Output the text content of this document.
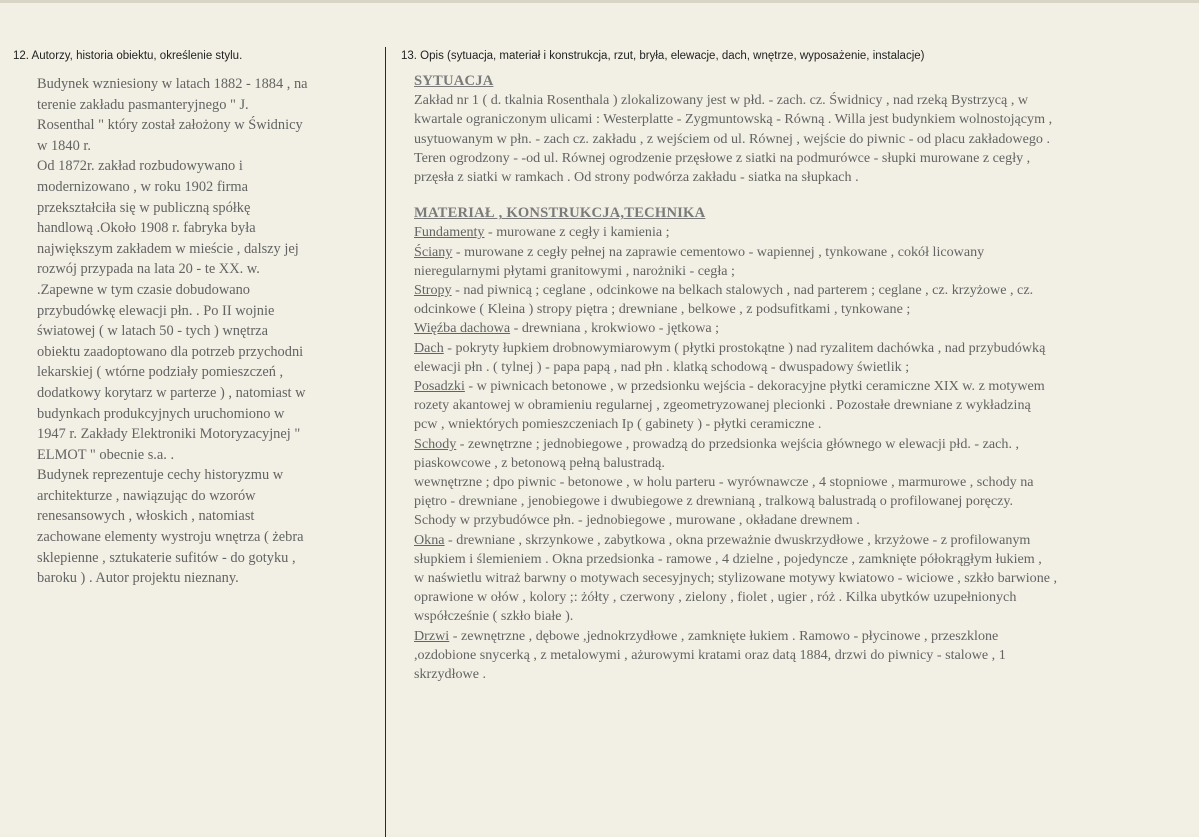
12. Autorzy, historia obiektu, określenie stylu.	13. Opis (sytuacja, materiał i konstrukcja, rzut, bryła, elewacje, dach, wnętrze, wyposażenie, instalacje)
Budynek wzniesiony w latach 1882 - 1884 , na
terenie zakładu pasmanteryjnego " J.
Rosenthal " który został założony w Świdnicy
w 1840 r.
Od 1872r. zakład rozbudowywano i
modernizowano , w roku 1902 firma
przekształciła się w publiczną spółkę
handlową .Około 1908 r. fabryka była
największym zakładem w mieście , dalszy jej
rozwój przypada na lata 20 - te XX. w.
.Zapewne w tym czasie dobudowano
przybudówkę elewacji płn. . Po II wojnie
światowej ( w latach 50 - tych ) wnętrza
obiektu zaadoptowano dla potrzeb przychodni
lekarskiej ( wtórne podziały pomieszczeń ,
dodatkowy korytarz w parterze ) , natomiast w
budynkach produkcyjnych uruchomiono w
1947 r. Zakłady Elektroniki Motoryzacyjnej "
ELMOT " obecnie s.a. .
Budynek reprezentuje cechy historyzmu w
architekturze , nawiązując do wzorów
renesansowych , włoskich , natomiast
zachowane elementy wystroju wnętrza ( żebra
sklepienne , sztukaterie sufitów - do gotyku ,
baroku ) . Autor projektu nieznany.
SYTUACJA
Zakład nr 1 ( d. tkalnia Rosenthala ) zlokalizowany jest w płd. - zach. cz. Świdnicy , nad rzeką Bystrzycą , w
kwartale ograniczonym ulicami : Westerplatte - Zygmuntowską - Równą . Willa jest budynkiem wolnostojącym ,
usytuowanym w płn. - zach cz. zakładu , z wejściem od ul. Równej , wejście do piwnic - od placu zakładowego .
Teren ogrodzony - -od ul. Równej ogrodzenie przęsłowe z siatki na podmurówce - słupki murowane z cegły ,
przęsła z siatki w ramkach . Od strony podwórza zakładu - siatka na słupkach .
MATERIAŁ , KONSTRUKCJA,TECHNIKA
Fundamenty - murowane z cegły i kamienia ;
Ściany - murowane z cegły pełnej na zaprawie cementowo - wapiennej , tynkowane , cokół licowany
nieregularnymi płytami granitowymi , narożniki - cegła ;
Stropy - nad piwnicą ; ceglane , odcinkowe na belkach stalowych , nad parterem ; ceglane , cz. krzyżowe , cz.
odcinkowe ( Kleina ) stropy piętra ; drewniane , belkowe , z podsufitkami , tynkowane ;
Więźba dachowa - drewniana , krokwiowo - jętkowa ;
Dach - pokryty łupkiem drobnowymiarowym ( płytki prostokątne ) nad ryzalitem dachówka , nad przybudówką
elewacji płn . ( tylnej ) - papa papą , nad płn . klatką schodową - dwuspadowy świetlik ;
Posadzki - w piwnicach betonowe , w przedsionku wejścia - dekoracyjne płytki ceramiczne XIX w. z motywem
rozety akantowej w obramieniu regularnej , zgeometryzowanej plecionki . Pozostałe drewniane z wykładziną
pcw , wniektórych pomieszczeniach Ip ( gabinety ) - płytki ceramiczne .
Schody - zewnętrzne ; jednobiegowe , prowadzą do przedsionka wejścia głównego w elewacji płd. - zach. ,
piaskowcowe , z betonową pełną balustradą.
wewnętrzne ; dpo piwnic - betonowe , w holu parteru - wyrównawcze , 4 stopniowe , marmurowe , schody na
piętro - drewniane , jenobiegowe i dwubiegowe z drewnianą , tralkową balustradą o profilowanej poręczy.
Schody w przybudówce płn. - jednobiegowe , murowane , okładane drewnem .
Okna - drewniane , skrzynkowe , zabytkowa , okna przeważnie dwuskrzydłowe , krzyżowe - z profilowanym
słupkiem i ślemieniem . Okna przedsionka - ramowe , 4 dzielne , pojedyncze , zamknięte półokrągłym łukiem ,
w naświetlu witraż barwny o motywach secesyjnych; stylizowane motywy kwiatowo - wiciowe , szkło barwione ,
oprawione w ołów , kolory ;: żółty , czerwony , zielony , fiolet , ugier , róż . Kilka ubytków uzupełnionych
współcześnie ( szkło białe ).
Drzwi - zewnętrzne , dębowe ,jednokrzydłowe , zamknięte łukiem . Ramowo - płycinowe , przeszklone
,ozdobione snycerką , z metalowymi , ażurowymi kratami oraz datą 1884, drzwi do piwnicy - stalowe , 1
skrzydłowe .
